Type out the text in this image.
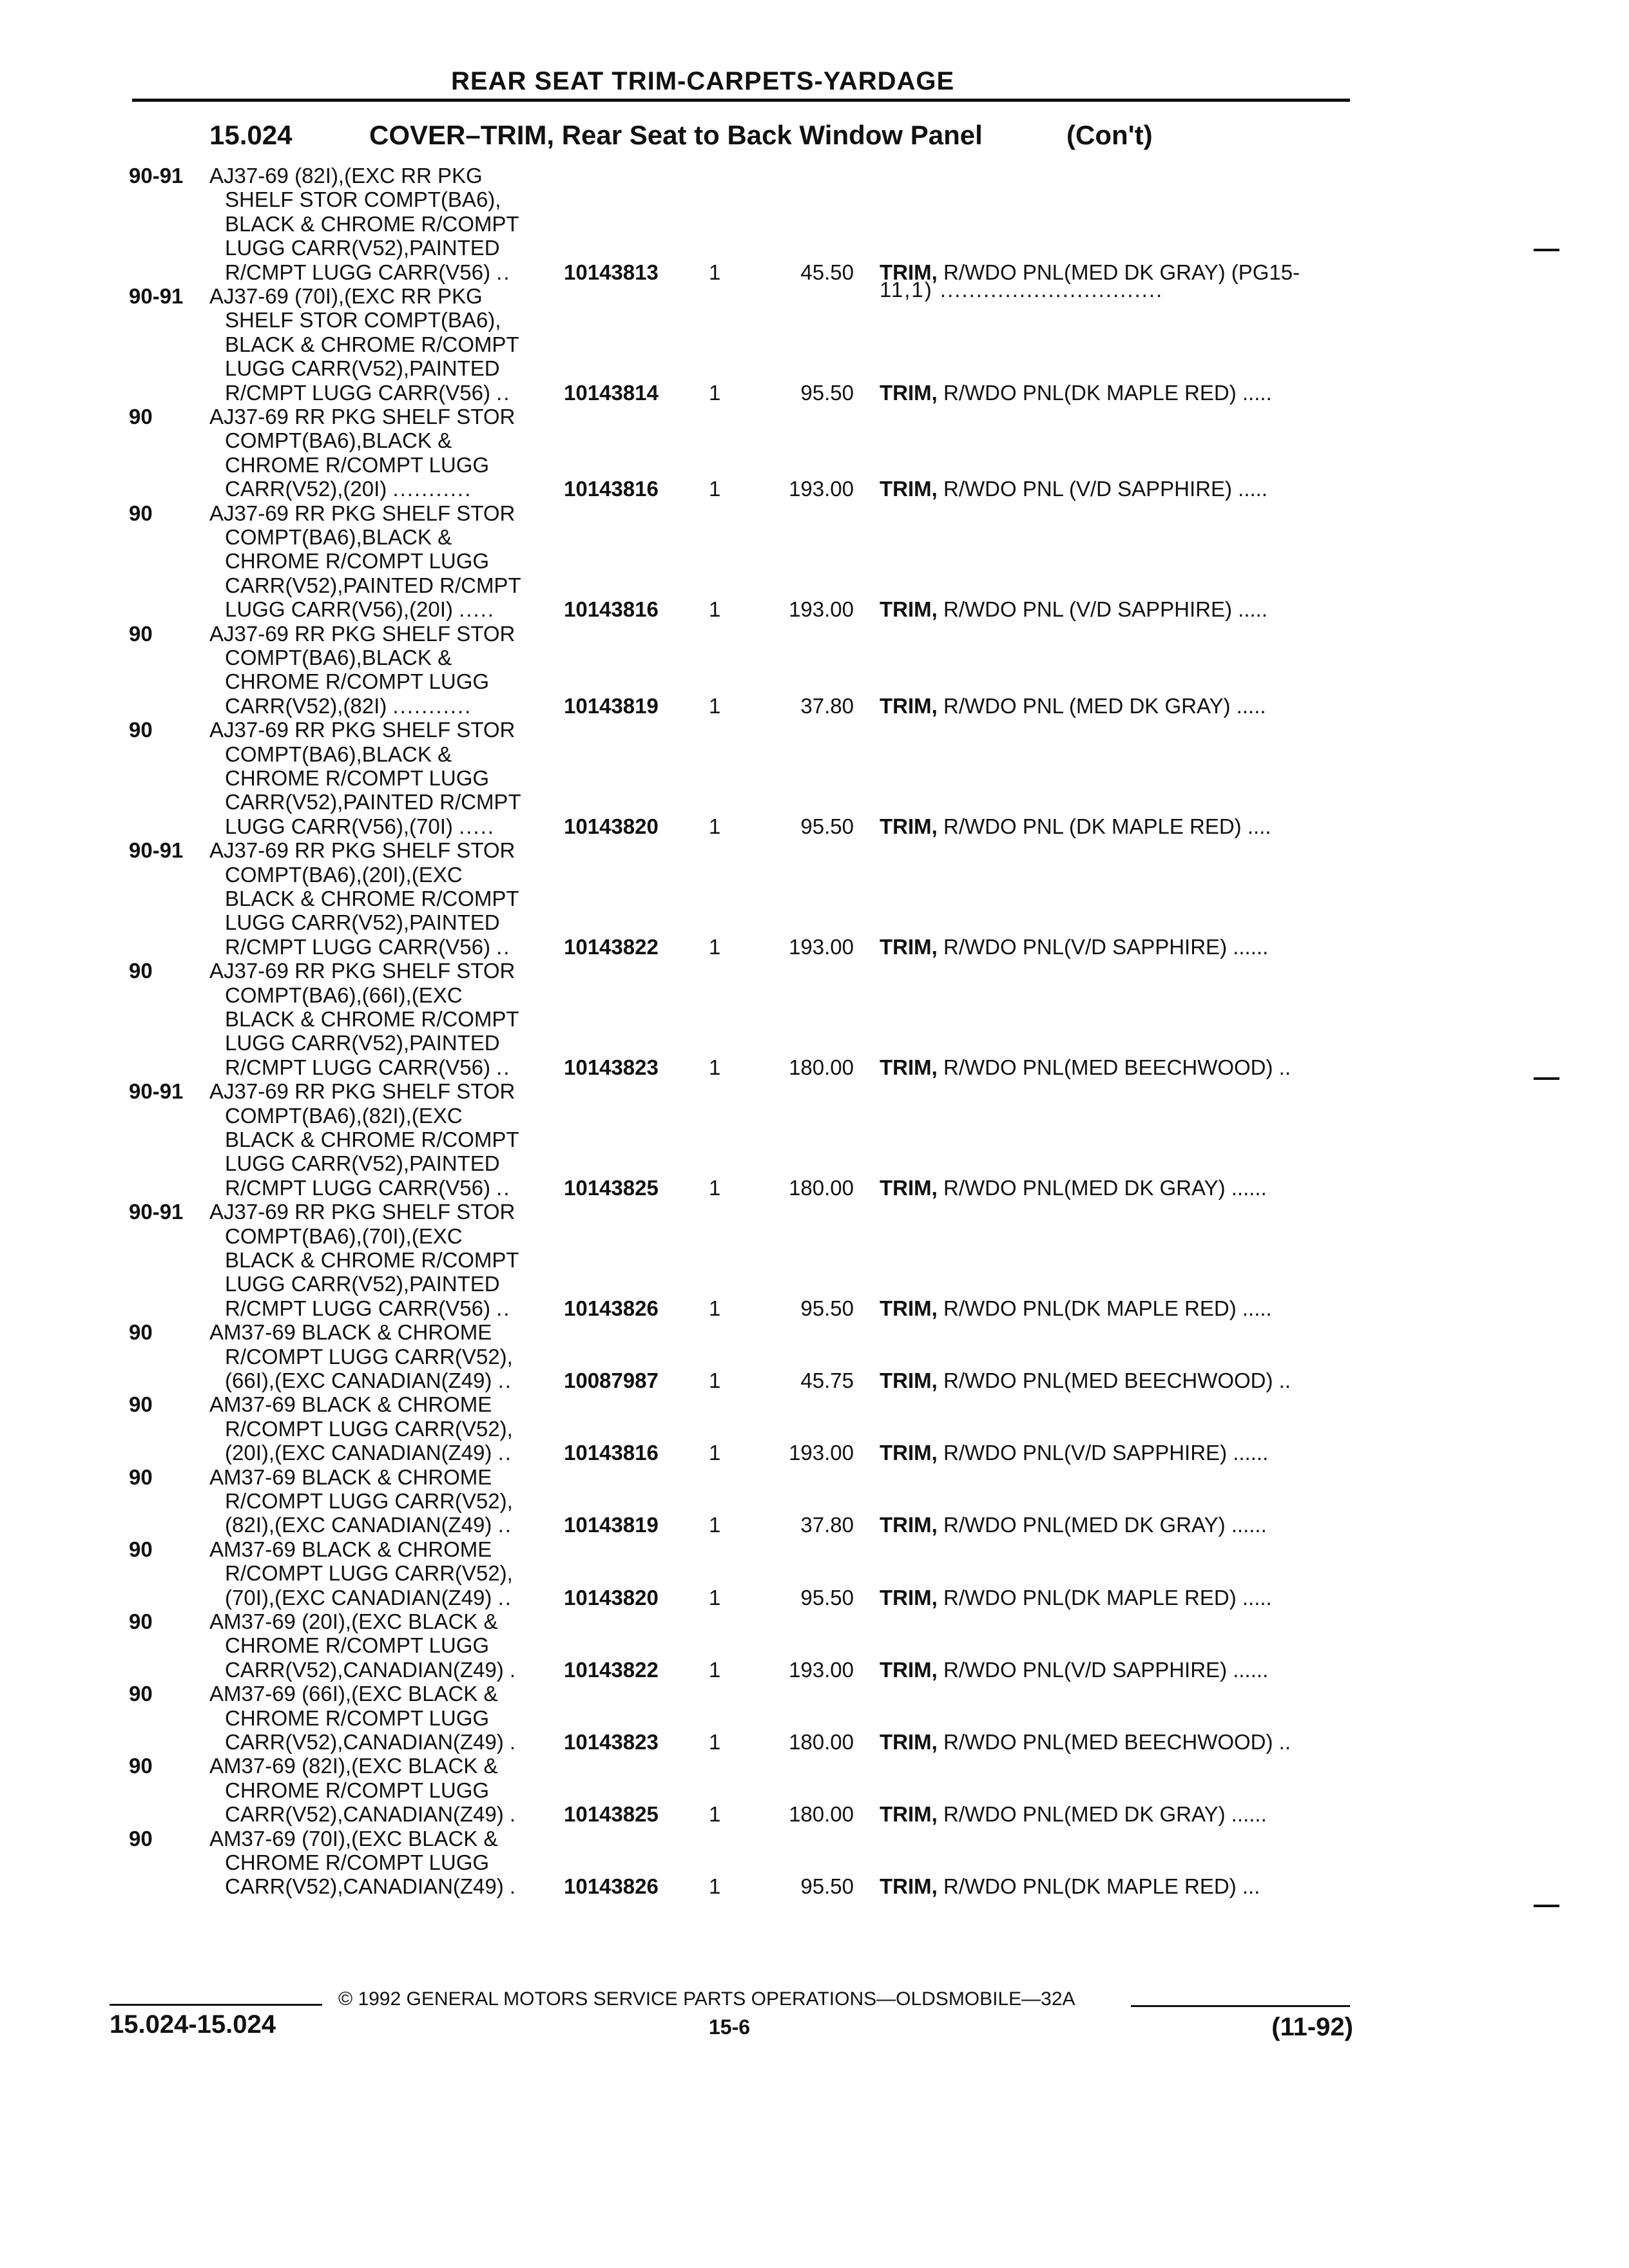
REAR SEAT TRIM-CARPETS-YARDAGE
15.024	COVER–TRIM, Rear Seat to Back Window Panel	(Con't)
90-91	AJ37-69 (82I),(EXC RR PKG
SHELF STOR COMPT(BA6),
BLACK & CHROME R/COMPT
LUGG CARR(V52),PAINTED
R/CMPT LUGG CARR(V56) ..	10143813	1	45.50 TRIM, R/WDO PNL(MED DK GRAY) (PG15-
11,1) ...............................
90-91	AJ37-69 (70I),(EXC RR PKG
SHELF STOR COMPT(BA6),
BLACK & CHROME R/COMPT
LUGG CARR(V52),PAINTED
R/CMPT LUGG CARR(V56) ..	10143814	1	95.50 TRIM, R/WDO PNL(DK MAPLE RED) .....
90	AJ37-69 RR PKG SHELF STOR
COMPT(BA6),BLACK &
CHROME R/COMPT LUGG
CARR(V52),(20I) ...........	10143816	1	193.00 TRIM, R/WDO PNL (V/D SAPPHIRE) .....
90	AJ37-69 RR PKG SHELF STOR
COMPT(BA6),BLACK &
CHROME R/COMPT LUGG
CARR(V52),PAINTED R/CMPT
LUGG CARR(V56),(20I) .....	10143816	1	193.00 TRIM, R/WDO PNL (V/D SAPPHIRE) .....
90	AJ37-69 RR PKG SHELF STOR
COMPT(BA6),BLACK &
CHROME R/COMPT LUGG
CARR(V52),(82I) ...........	10143819	1	37.80 TRIM, R/WDO PNL (MED DK GRAY) .....
90	AJ37-69 RR PKG SHELF STOR
COMPT(BA6),BLACK &
CHROME R/COMPT LUGG
CARR(V52),PAINTED R/CMPT
LUGG CARR(V56),(70I) .....	10143820	1	95.50 TRIM, R/WDO PNL (DK MAPLE RED) ....
90-91	AJ37-69 RR PKG SHELF STOR
COMPT(BA6),(20I),(EXC
BLACK & CHROME R/COMPT
LUGG CARR(V52),PAINTED
R/CMPT LUGG CARR(V56) ..	10143822	1	193.00 TRIM, R/WDO PNL(V/D SAPPHIRE) ......
90	AJ37-69 RR PKG SHELF STOR
COMPT(BA6),(66I),(EXC
BLACK & CHROME R/COMPT
LUGG CARR(V52),PAINTED
R/CMPT LUGG CARR(V56) ..	10143823	1	180.00 TRIM, R/WDO PNL(MED BEECHWOOD) ..
90-91	AJ37-69 RR PKG SHELF STOR
COMPT(BA6),(82I),(EXC
BLACK & CHROME R/COMPT
LUGG CARR(V52),PAINTED
R/CMPT LUGG CARR(V56) ..	10143825	1	180.00 TRIM, R/WDO PNL(MED DK GRAY) ......
90-91	AJ37-69 RR PKG SHELF STOR
COMPT(BA6),(70I),(EXC
BLACK & CHROME R/COMPT
LUGG CARR(V52),PAINTED
R/CMPT LUGG CARR(V56) ..	10143826	1	95.50 TRIM, R/WDO PNL(DK MAPLE RED) .....
90	AM37-69 BLACK & CHROME
R/COMPT LUGG CARR(V52),
(66I),(EXC CANADIAN(Z49) ..	10087987	1	45.75 TRIM, R/WDO PNL(MED BEECHWOOD) ..
90	AM37-69 BLACK & CHROME
R/COMPT LUGG CARR(V52),
(20I),(EXC CANADIAN(Z49) ..	10143816	1	193.00 TRIM, R/WDO PNL(V/D SAPPHIRE) ......
90	AM37-69 BLACK & CHROME
R/COMPT LUGG CARR(V52),
(82I),(EXC CANADIAN(Z49) ..	10143819	1	37.80 TRIM, R/WDO PNL(MED DK GRAY) ......
90	AM37-69 BLACK & CHROME
R/COMPT LUGG CARR(V52),
(70I),(EXC CANADIAN(Z49) ..	10143820	1	95.50 TRIM, R/WDO PNL(DK MAPLE RED) .....
90	AM37-69 (20I),(EXC BLACK &
CHROME R/COMPT LUGG
CARR(V52),CANADIAN(Z49) .	10143822	1	193.00 TRIM, R/WDO PNL(V/D SAPPHIRE) ......
90	AM37-69 (66I),(EXC BLACK &
CHROME R/COMPT LUGG
CARR(V52),CANADIAN(Z49) .	10143823	1	180.00 TRIM, R/WDO PNL(MED BEECHWOOD) ..
90	AM37-69 (82I),(EXC BLACK &
CHROME R/COMPT LUGG
CARR(V52),CANADIAN(Z49) .	10143825	1	180.00 TRIM, R/WDO PNL(MED DK GRAY) ......
90	AM37-69 (70I),(EXC BLACK &
CHROME R/COMPT LUGG
CARR(V52),CANADIAN(Z49) .	10143826	1	95.50 TRIM, R/WDO PNL(DK MAPLE RED) ...
© 1992 GENERAL MOTORS SERVICE PARTS OPERATIONS—OLDSMOBILE—32A
15.024-15.024	15-6	(11-92)
